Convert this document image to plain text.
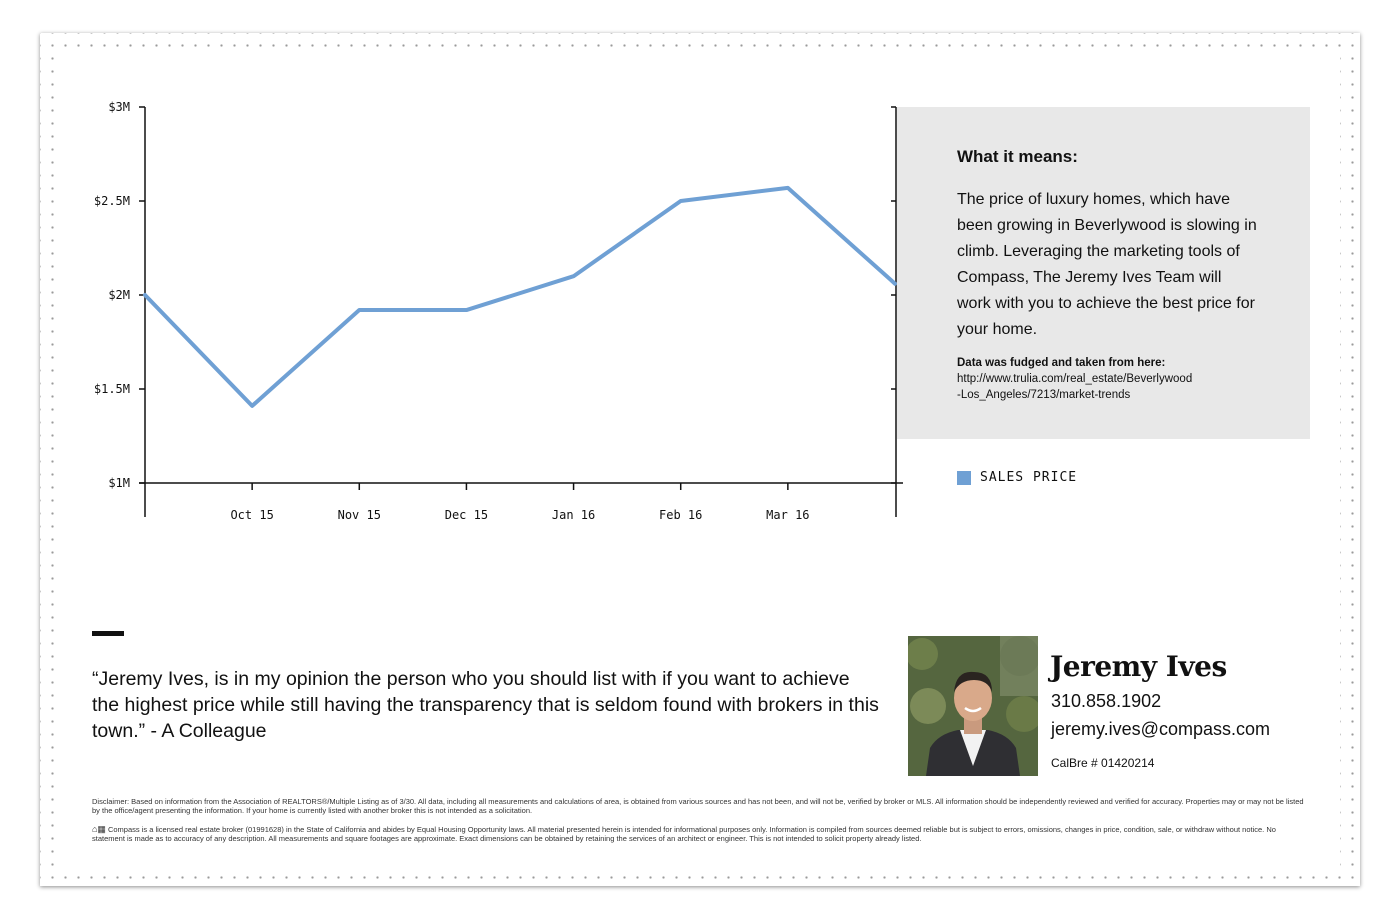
$3M
$2.5M
$2M
$1.5M
$1M
Oct 15	Nov 15	Dec 15	Jan 16	Feb 16	Mar 16

What it means:

The price of luxury homes, which have been growing in Beverlywood is slowing in climb. Leveraging the marketing tools of Compass, The Jeremy Ives Team will work with you to achieve the best price for your home.

Data was fudged and taken from here:

http://www.trulia.com/real_estate/Beverlywood
-Los_Angeles/7213/market-trends

SALES PRICE

“Jeremy Ives, is in my opinion the person who you should list with if you want to achieve the highest price while still having the transparency that is seldom found with brokers in this town.” - A Colleague

Jeremy Ives
310.858.1902
jeremy.ives@compass.com
CalBre # 01420214

Disclaimer: Based on information from the Association of REALTORS®/Multiple Listing as of 3/30. All data, including all measurements and calculations of area, is obtained from various sources and has not been, and will not be, verified by broker or MLS. All information should be independently reviewed and verified for accuracy. Properties may or may not be listed by the office/agent presenting the information. If your home is currently listed with another broker this is not intended as a solicitation.

⌂▦ Compass is a licensed real estate broker (01991628) in the State of California and abides by Equal Housing Opportunity laws. All material presented herein is intended for informational purposes only. Information is compiled from sources deemed reliable but is subject to errors, omissions, changes in price, condition, sale, or withdraw without notice. No statement is made as to accuracy of any description. All measurements and square footages are approximate. Exact dimensions can be obtained by retaining the services of an architect or engineer. This is not intended to solicit property already listed.
